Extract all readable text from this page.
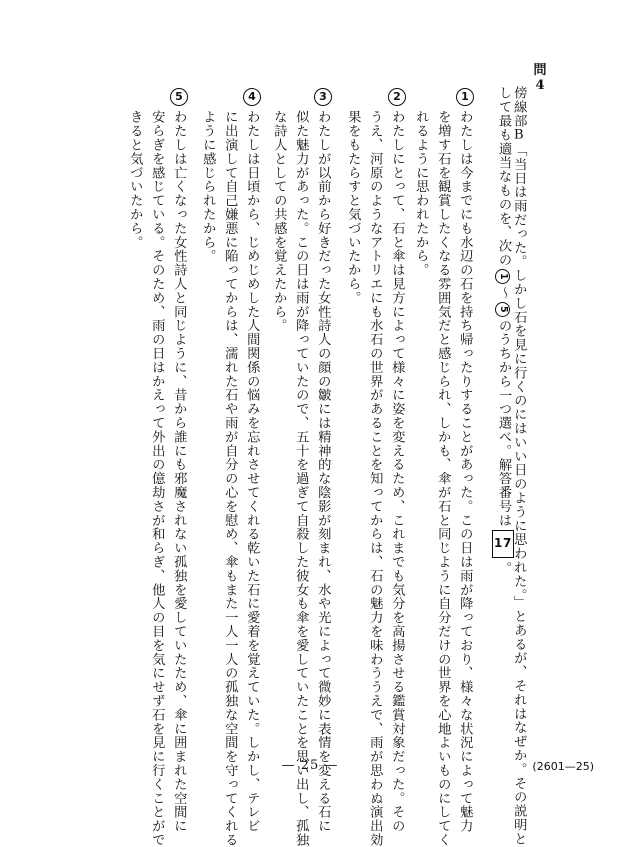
問
4
傍線部B「当日は雨だった。しかし石を見に行くのにはいい日のように思われた。」とあるが、それはなぜか。その説明と
して最も適当なものを、次の1～5のうちから一つ選べ。解答番号は17。
1
わたしは今までにも水辺の石を持ち帰ったりすることがあった。この日は雨が降っており、様々な状況によって魅力
を増す石を観賞したくなる雰囲気だと感じられ、しかも、傘が石と同じように自分だけの世界を心地よいものにしてく
れるように思われたから。
2
わたしにとって、石と傘は見方によって様々に姿を変えるため、これまでも気分を高揚させる鑑賞対象だった。その
うえ、河原のようなアトリエにも水石の世界があることを知ってからは、石の魅力を味わううえで、雨が思わぬ演出効
果をもたらすと気づいたから。
3
わたしが以前から好きだった女性詩人の顔の皺には精神的な陰影が刻まれ、水や光によって微妙に表情を変える石に
似た魅力があった。この日は雨が降っていたので、五十を過ぎて自殺した彼女も傘を愛していたことを思い出し、孤独
な詩人としての共感を覚えたから。
4
わたしは日頃から、じめじめした人間関係の悩みを忘れさせてくれる乾いた石に愛着を覚えていた。しかし、テレビ
に出演して自己嫌悪に陥ってからは、濡れた石や雨が自分の心を慰め、傘もまた一人一人の孤独な空間を守ってくれる
ように感じられたから。
5
わたしは亡くなった女性詩人と同じように、昔から誰にも邪魔されない孤独を愛していたため、傘に囲まれた空間に
安らぎを感じている。そのため、雨の日はかえって外出の億劫さが和らぎ、他人の目を気にせず石を見に行くことがで
きると気づいたから。
— 25 —	(2601—25)
